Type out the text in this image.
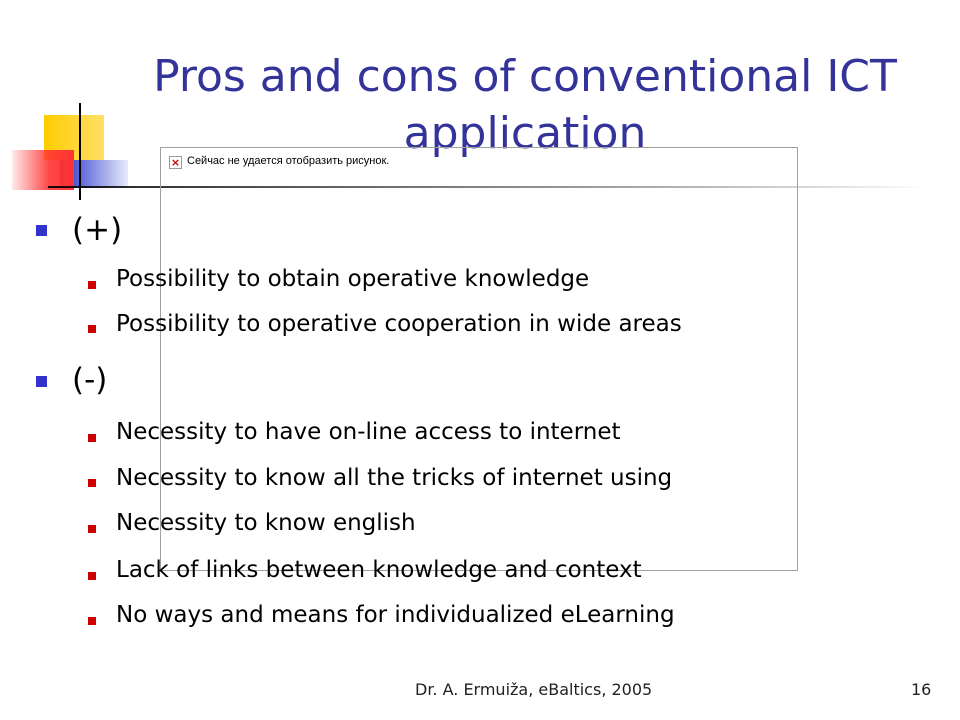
Pros and cons of conventional ICT application
× Сейчас не удается отобразить рисунок.
(+)
Possibility to obtain operative knowledge
Possibility to operative cooperation in wide areas
(-)
Necessity to have on-line access to internet
Necessity to know all the tricks of internet using
Necessity to know english
Lack of links between knowledge and context
No ways and means for individualized eLearning
Dr. A. Ermuiža, eBaltics, 2005	16
